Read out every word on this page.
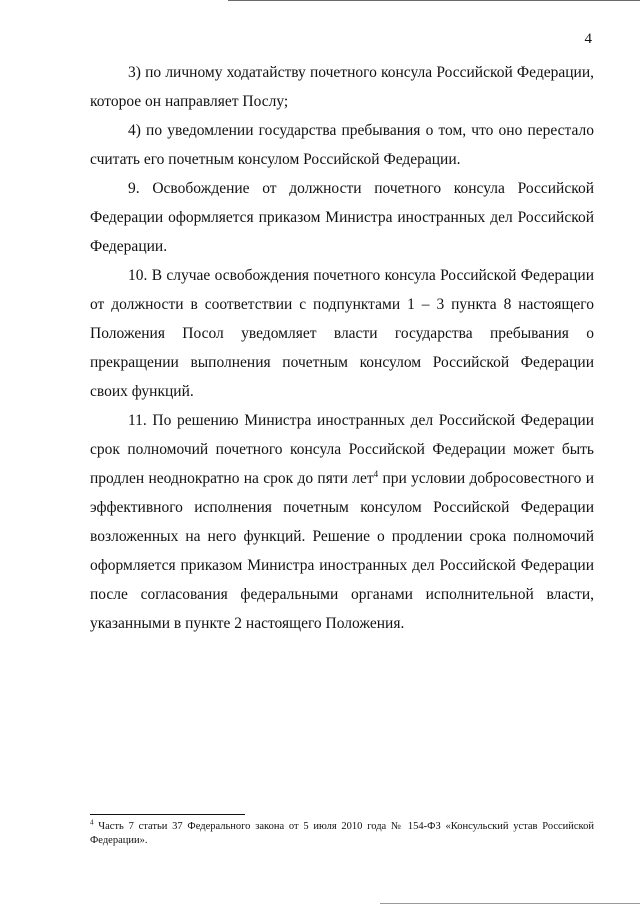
4

3) по личному ходатайству почетного консула Российской Федерации, которое он направляет Послу;

4) по уведомлении государства пребывания о том, что оно перестало считать его почетным консулом Российской Федерации.

9. Освобождение от должности почетного консула Российской Федерации оформляется приказом Министра иностранных дел Российской Федерации.

10. В случае освобождения почетного консула Российской Федерации от должности в соответствии с подпунктами 1 – 3 пункта 8 настоящего Положения Посол уведомляет власти государства пребывания о прекращении выполнения почетным консулом Российской Федерации своих функций.

11. По решению Министра иностранных дел Российской Федерации срок полномочий почетного консула Российской Федерации может быть продлен неоднократно на срок до пяти лет$^4$ при условии добросовестного и эффективного исполнения почетным консулом Российской Федерации возложенных на него функций. Решение о продлении срока полномочий оформляется приказом Министра иностранных дел Российской Федерации после согласования федеральными органами исполнительной власти, указанными в пункте 2 настоящего Положения.

$^4$ Часть 7 статьи 37 Федерального закона от 5 июля 2010 года № 154-ФЗ «Консульский устав Российской Федерации».
